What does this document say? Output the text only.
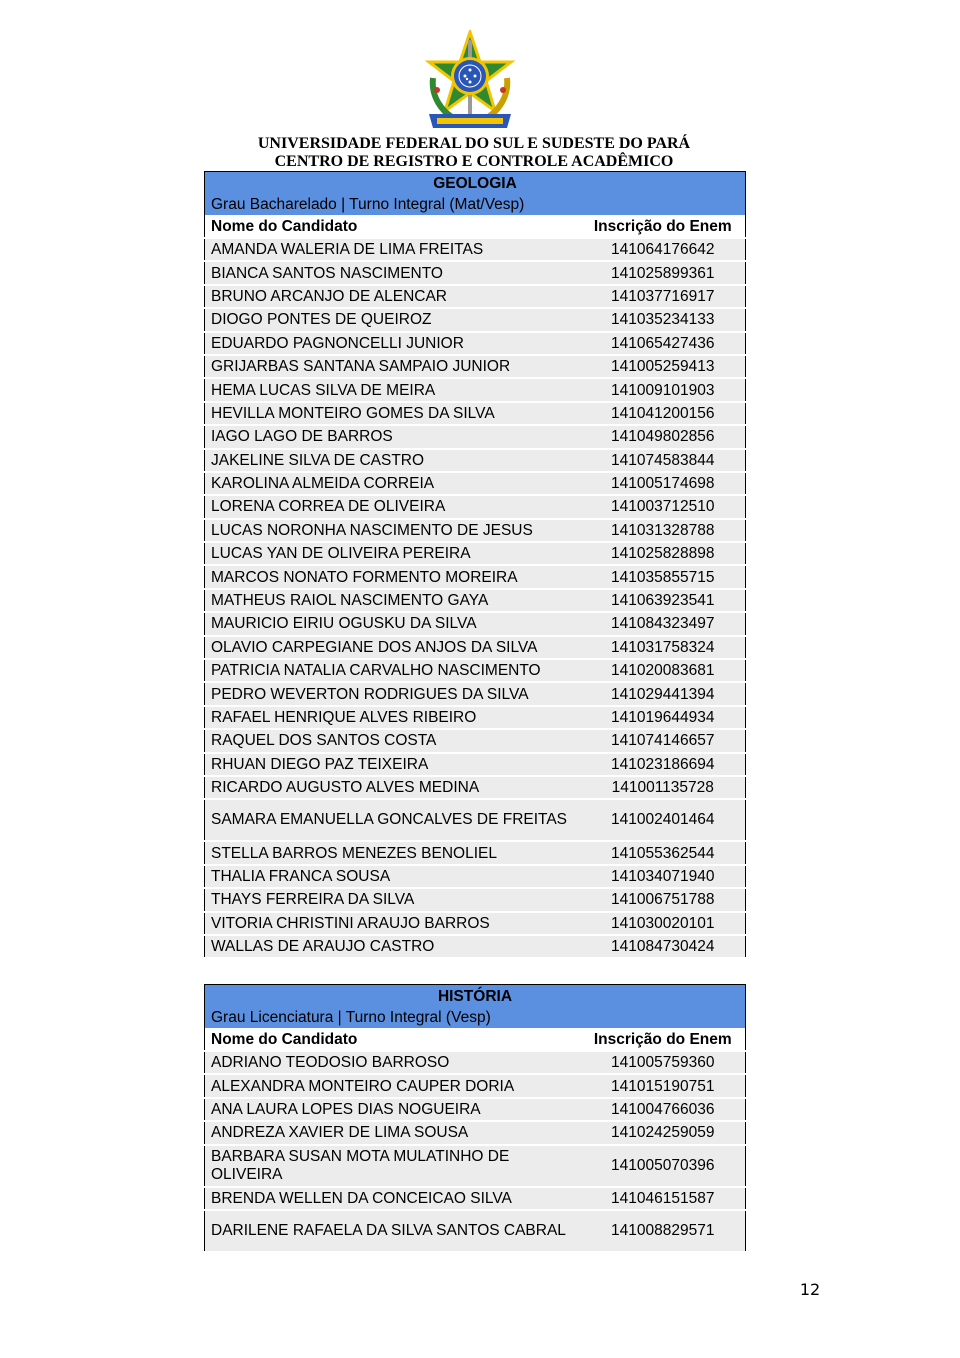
UNIVERSIDADE FEDERAL DO SUL E SUDESTE DO PARÁ
CENTRO DE REGISTRO E CONTROLE ACADÊMICO
GEOLOGIA	
Grau Bacharelado | Turno Integral (Mat/Vesp)	
Nome do Candidato	Inscrição do Enem
AMANDA WALERIA DE LIMA FREITAS	141064176642
BIANCA SANTOS NASCIMENTO	141025899361
BRUNO ARCANJO DE ALENCAR	141037716917
DIOGO PONTES DE QUEIROZ	141035234133
EDUARDO PAGNONCELLI JUNIOR	141065427436
GRIJARBAS SANTANA SAMPAIO JUNIOR	141005259413
HEMA LUCAS SILVA DE MEIRA	141009101903
HEVILLA MONTEIRO GOMES DA SILVA	141041200156
IAGO LAGO DE BARROS	141049802856
JAKELINE SILVA DE CASTRO	141074583844
KAROLINA ALMEIDA CORREIA	141005174698
LORENA CORREA DE OLIVEIRA	141003712510
LUCAS NORONHA NASCIMENTO DE JESUS	141031328788
LUCAS YAN DE OLIVEIRA PEREIRA	141025828898
MARCOS NONATO FORMENTO MOREIRA	141035855715
MATHEUS RAIOL NASCIMENTO GAYA	141063923541
MAURICIO EIRIU OGUSKU DA SILVA	141084323497
OLAVIO CARPEGIANE DOS ANJOS DA SILVA	141031758324
PATRICIA NATALIA CARVALHO NASCIMENTO	141020083681
PEDRO WEVERTON RODRIGUES DA SILVA	141029441394
RAFAEL HENRIQUE ALVES RIBEIRO	141019644934
RAQUEL DOS SANTOS COSTA	141074146657
RHUAN DIEGO PAZ TEIXEIRA	141023186694
RICARDO AUGUSTO ALVES MEDINA	141001135728
SAMARA EMANUELLA GONCALVES DE FREITAS	141002401464
STELLA BARROS MENEZES BENOLIEL	141055362544
THALIA FRANCA SOUSA	141034071940
THAYS FERREIRA DA SILVA	141006751788
VITORIA CHRISTINI ARAUJO BARROS	141030020101
WALLAS DE ARAUJO CASTRO	141084730424
HISTÓRIA	
Grau Licenciatura | Turno Integral (Vesp)	
Nome do Candidato	Inscrição do Enem
ADRIANO TEODOSIO BARROSO	141005759360
ALEXANDRA MONTEIRO CAUPER DORIA	141015190751
ANA LAURA LOPES DIAS NOGUEIRA	141004766036
ANDREZA XAVIER DE LIMA SOUSA	141024259059
BARBARA SUSAN MOTA MULATINHO DE OLIVEIRA	141005070396
BRENDA WELLEN DA CONCEICAO SILVA	141046151587
DARILENE RAFAELA DA SILVA SANTOS CABRAL	141008829571
12
